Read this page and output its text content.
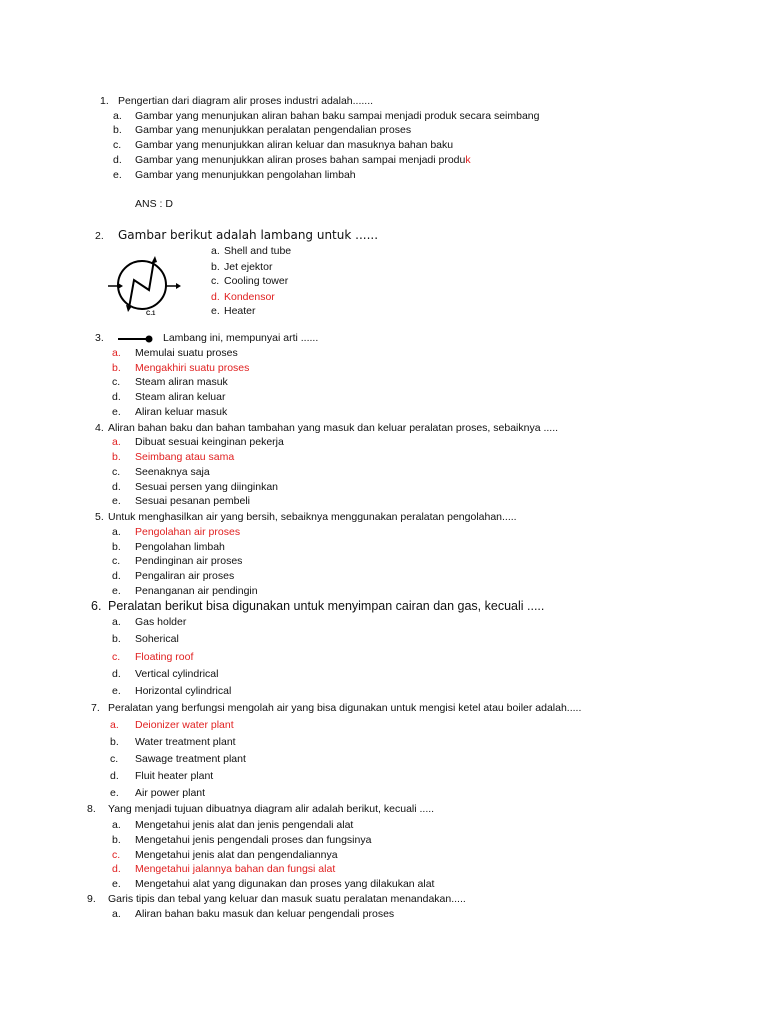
1. Pengertian dari diagram alir proses industri adalah.......
a. Gambar yang menunjukan aliran bahan baku sampai menjadi produk secara seimbang
b. Gambar yang menunjukkan peralatan pengendalian proses
c. Gambar yang menunjukkan aliran keluar dan masuknya bahan baku
d. Gambar yang menunjukkan aliran proses bahan sampai menjadi produk
e. Gambar yang menunjukkan pengolahan limbah
ANS : D
2. Gambar berikut adalah lambang untuk ......
C.1
a. Shell and tube
b. Jet ejektor
c. Cooling tower
d. Kondensor
e. Heater
3.	Lambang ini, mempunyai arti ......
a. Memulai suatu proses
b. Mengakhiri suatu proses
c. Steam aliran masuk
d. Steam aliran keluar
e. Aliran keluar masuk
4. Aliran bahan baku dan bahan tambahan yang masuk dan keluar peralatan proses, sebaiknya .....
a. Dibuat sesuai keinginan pekerja
b. Seimbang atau sama
c. Seenaknya saja
d. Sesuai persen yang diinginkan
e. Sesuai pesanan pembeli
5. Untuk menghasilkan air yang bersih, sebaiknya menggunakan peralatan pengolahan.....
a. Pengolahan air proses
b. Pengolahan limbah
c. Pendinginan air proses
d. Pengaliran air proses
e. Penanganan air pendingin
6. Peralatan berikut bisa digunakan untuk menyimpan cairan dan gas, kecuali .....
a. Gas holder
b. Soherical
c. Floating roof
d. Vertical cylindrical
e. Horizontal cylindrical
7. Peralatan yang berfungsi mengolah air yang bisa digunakan untuk mengisi ketel atau boiler adalah.....
a. Deionizer water plant
b. Water treatment plant
c. Sawage treatment plant
d. Fluit heater plant
e. Air power plant
8. Yang menjadi tujuan dibuatnya diagram alir adalah berikut, kecuali .....
a. Mengetahui jenis alat dan jenis pengendali alat
b. Mengetahui jenis pengendali proses dan fungsinya
c. Mengetahui jenis alat dan pengendaliannya
d. Mengetahui jalannya bahan dan fungsi alat
e. Mengetahui alat yang digunakan dan proses yang dilakukan alat
9. Garis tipis dan tebal yang keluar dan masuk suatu peralatan menandakan.....
a. Aliran bahan baku masuk dan keluar pengendali proses
